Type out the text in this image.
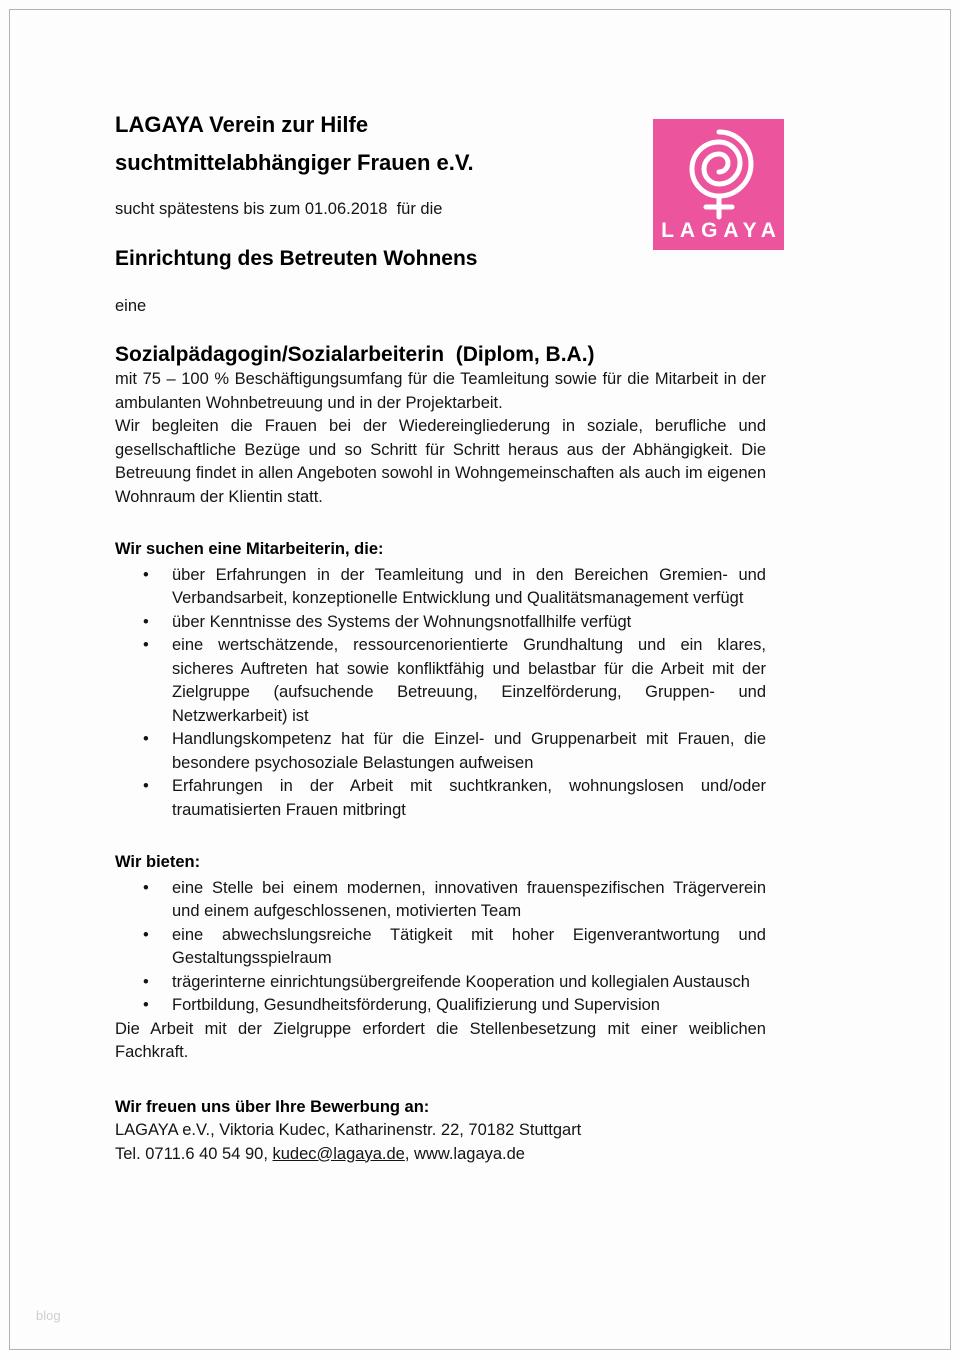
LAGAYA
LAGAYA Verein zur Hilfe
suchtmittelabhängiger Frauen e.V.
sucht spätestens bis zum 01.06.2018  für die
Einrichtung des Betreuten Wohnens
eine
Sozialpädagogin/Sozialarbeiterin  (Diplom, B.A.)

mit 75 – 100 % Beschäftigungsumfang für die Teamleitung sowie für die Mitarbeit in der ambulanten Wohnbetreuung und in der Projektarbeit.

Wir begleiten die Frauen bei der Wiedereingliederung in soziale, berufliche und gesellschaftliche Bezüge und so Schritt für Schritt heraus aus der Abhängigkeit. Die Betreuung findet in allen Angeboten sowohl in Wohngemeinschaften als auch im eigenen Wohnraum der Klientin statt.

Wir suchen eine Mitarbeiterin, die:
• über Erfahrungen in der Teamleitung und in den Bereichen Gremien- und Verbandsarbeit, konzeptionelle Entwicklung und Qualitätsmanagement verfügt
• über Kenntnisse des Systems der Wohnungsnotfallhilfe verfügt
• eine wertschätzende, ressourcenorientierte Grundhaltung und ein klares, sicheres Auftreten hat sowie konfliktfähig und belastbar für die Arbeit mit der Zielgruppe (aufsuchende Betreuung, Einzelförderung, Gruppen- und Netzwerkarbeit) ist
• Handlungskompetenz hat für die Einzel- und Gruppenarbeit mit Frauen, die besondere psychosoziale Belastungen aufweisen
• Erfahrungen in der Arbeit mit suchtkranken, wohnungslosen und/oder traumatisierten Frauen mitbringt
Wir bieten:
• eine Stelle bei einem modernen, innovativen frauenspezifischen Trägerverein und einem aufgeschlossenen, motivierten Team
• eine abwechslungsreiche Tätigkeit mit hoher Eigenverantwortung und Gestaltungsspielraum
• trägerinterne einrichtungsübergreifende Kooperation und kollegialen Austausch
• Fortbildung, Gesundheitsförderung, Qualifizierung und Supervision

Die Arbeit mit der Zielgruppe erfordert die Stellenbesetzung mit einer weiblichen Fachkraft.

Wir freuen uns über Ihre Bewerbung an:

LAGAYA e.V., Viktoria Kudec, Katharinenstr. 22, 70182 Stuttgart

Tel. 0711.6 40 54 90, kudec@lagaya.de, www.lagaya.de

blog
